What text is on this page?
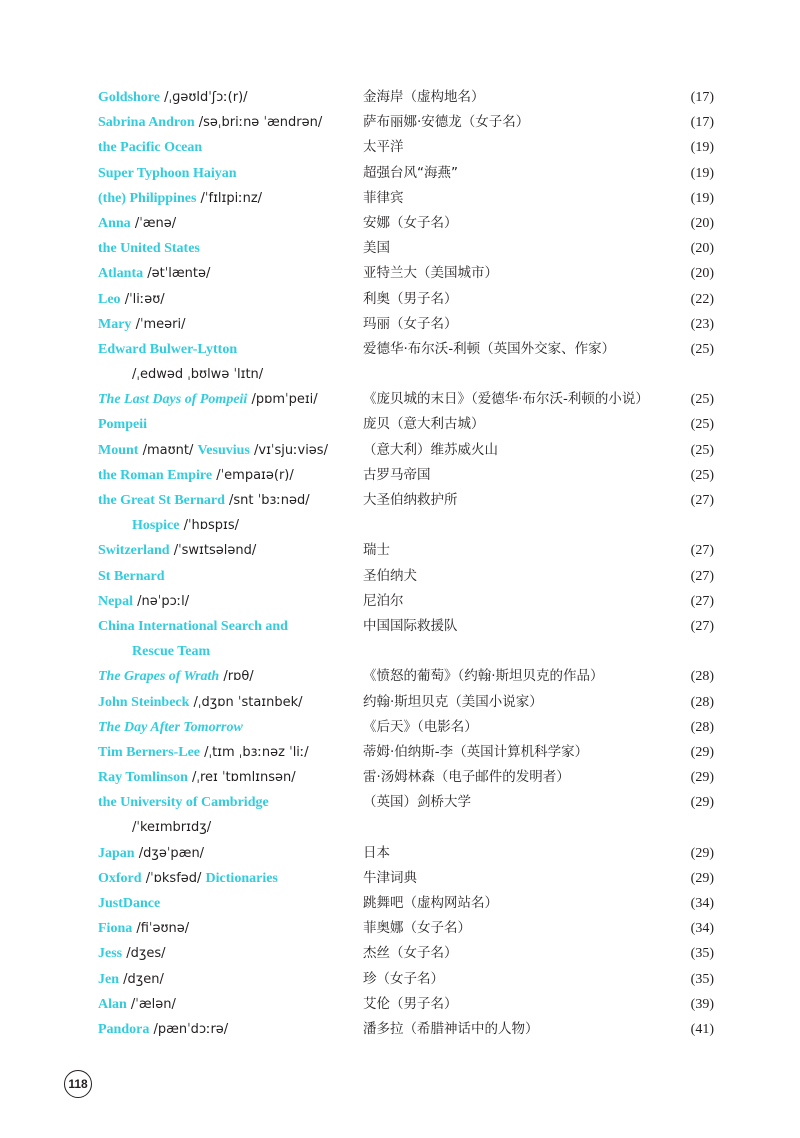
Goldshore /ˌɡəʊldˈʃɔː(r)/	金海岸（虚构地名）	(17)
Sabrina Andron /səˌbriːnə ˈændrən/	萨布丽娜·安德龙（女子名）	(17)
the Pacific Ocean	太平洋	(19)
Super Typhoon Haiyan	超强台风“海燕”	(19)
(the) Philippines /ˈfɪlɪpiːnz/	菲律宾	(19)
Anna /ˈænə/	安娜（女子名）	(20)
the United States	美国	(20)
Atlanta /ətˈlæntə/	亚特兰大（美国城市）	(20)
Leo /ˈliːəʊ/	利奥（男子名）	(22)
Mary /ˈmeəri/	玛丽（女子名）	(23)
Edward Bulwer-Lytton	爱德华·布尔沃-利顿（英国外交家、作家）	(25)
/ˌedwəd ˌbʊlwə ˈlɪtn/
The Last Days of Pompeii /pɒmˈpeɪi/	《庞贝城的末日》（爱德华·布尔沃-利顿的小说）	(25)
Pompeii	庞贝（意大利古城）	(25)
Mount /maʊnt/ Vesuvius /vɪˈsjuːviəs/	（意大利）维苏威火山	(25)
the Roman Empire /ˈempaɪə(r)/	古罗马帝国	(25)
the Great St Bernard /snt ˈbɜːnəd/	大圣伯纳救护所	(27)
Hospice /ˈhɒspɪs/
Switzerland /ˈswɪtsələnd/	瑞士	(27)
St Bernard	圣伯纳犬	(27)
Nepal /nəˈpɔːl/	尼泊尔	(27)
China International Search and	中国国际救援队	(27)
Rescue Team
The Grapes of Wrath /rɒθ/	《愤怒的葡萄》（约翰·斯坦贝克的作品）	(28)
John Steinbeck /ˌdʒɒn ˈstaɪnbek/	约翰·斯坦贝克（美国小说家）	(28)
The Day After Tomorrow	《后天》（电影名）	(28)
Tim Berners-Lee /ˌtɪm ˌbɜːnəz ˈliː/	蒂姆·伯纳斯-李（英国计算机科学家）	(29)
Ray Tomlinson /ˌreɪ ˈtɒmlɪnsən/	雷·汤姆林森（电子邮件的发明者）	(29)
the University of Cambridge	（英国）剑桥大学	(29)
/ˈkeɪmbrɪdʒ/
Japan /dʒəˈpæn/	日本	(29)
Oxford /ˈɒksfəd/ Dictionaries	牛津词典	(29)
JustDance	跳舞吧（虚构网站名）	(34)
Fiona /fiˈəʊnə/	菲奥娜（女子名）	(34)
Jess /dʒes/	杰丝（女子名）	(35)
Jen /dʒen/	珍（女子名）	(35)
Alan /ˈælən/	艾伦（男子名）	(39)
Pandora /pænˈdɔːrə/	潘多拉（希腊神话中的人物）	(41)
118
